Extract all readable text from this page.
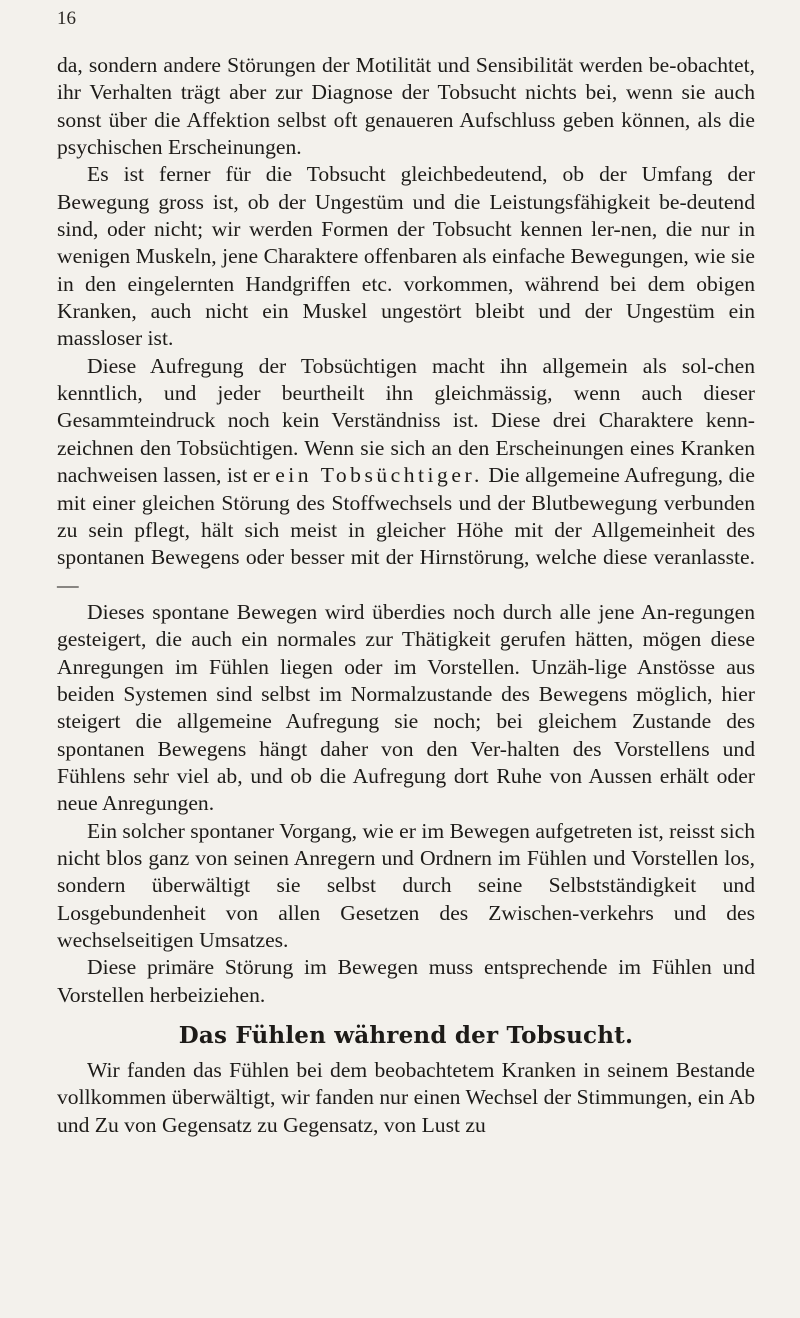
16

da, sondern andere Störungen der Motilität und Sensibilität werden be-obachtet, ihr Verhalten trägt aber zur Diagnose der Tobsucht nichts bei, wenn sie auch sonst über die Affektion selbst oft genaueren Aufschluss geben können, als die psychischen Erscheinungen.

Es ist ferner für die Tobsucht gleichbedeutend, ob der Umfang der Bewegung gross ist, ob der Ungestüm und die Leistungsfähigkeit be-deutend sind, oder nicht; wir werden Formen der Tobsucht kennen ler-nen, die nur in wenigen Muskeln, jene Charaktere offenbaren als einfache Bewegungen, wie sie in den eingelernten Handgriffen etc. vorkommen, während bei dem obigen Kranken, auch nicht ein Muskel ungestört bleibt und der Ungestüm ein massloser ist.

Diese Aufregung der Tobsüchtigen macht ihn allgemein als sol-chen kenntlich, und jeder beurtheilt ihn gleichmässig, wenn auch dieser Gesammteindruck noch kein Verständniss ist. Diese drei Charaktere kenn-zeichnen den Tobsüchtigen. Wenn sie sich an den Erscheinungen eines Kranken nachweisen lassen, ist er ein Tobsüchtiger. Die allgemeine Aufregung, die mit einer gleichen Störung des Stoffwechsels und der Blutbewegung verbunden zu sein pflegt, hält sich meist in gleicher Höhe mit der Allgemeinheit des spontanen Bewegens oder besser mit der Hirnstörung, welche diese veranlasste. —

Dieses spontane Bewegen wird überdies noch durch alle jene An-regungen gesteigert, die auch ein normales zur Thätigkeit gerufen hätten, mögen diese Anregungen im Fühlen liegen oder im Vorstellen. Unzäh-lige Anstösse aus beiden Systemen sind selbst im Normalzustande des Bewegens möglich, hier steigert die allgemeine Aufregung sie noch; bei gleichem Zustande des spontanen Bewegens hängt daher von den Ver-halten des Vorstellens und Fühlens sehr viel ab, und ob die Aufregung dort Ruhe von Aussen erhält oder neue Anregungen.

Ein solcher spontaner Vorgang, wie er im Bewegen aufgetreten ist, reisst sich nicht blos ganz von seinen Anregern und Ordnern im Fühlen und Vorstellen los, sondern überwältigt sie selbst durch seine Selbstständigkeit und Losgebundenheit von allen Gesetzen des Zwischen-verkehrs und des wechselseitigen Umsatzes.

Diese primäre Störung im Bewegen muss entsprechende im Fühlen und Vorstellen herbeiziehen.

Das Fühlen während der Tobsucht.

Wir fanden das Fühlen bei dem beobachtetem Kranken in seinem Bestande vollkommen überwältigt, wir fanden nur einen Wechsel der Stimmungen, ein Ab und Zu von Gegensatz zu Gegensatz, von Lust zu
